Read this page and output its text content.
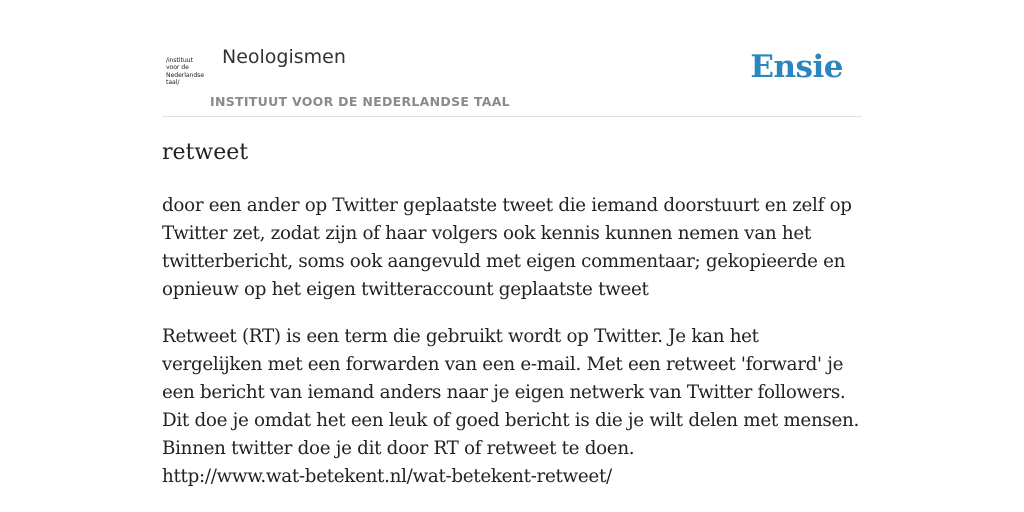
/instituut
voor de
Nederlandse
taal/
Neologismen
INSTITUUT VOOR DE NEDERLANDSE TAAL
Ensie
retweet

door een ander op Twitter geplaatste tweet die iemand doorstuurt en zelf op Twitter zet, zodat zijn of haar volgers ook kennis kunnen nemen van het twitterbericht, soms ook aangevuld met eigen commentaar; gekopieerde en opnieuw op het eigen twitteraccount geplaatste tweet

Retweet (RT) is een term die gebruikt wordt op Twitter. Je kan het vergelijken met een forwarden van een e-mail. Met een retweet 'forward' je een bericht van iemand anders naar je eigen netwerk van Twitter followers. Dit doe je omdat het een leuk of goed bericht is die je wilt delen met mensen. Binnen twitter doe je dit door RT of retweet te doen.

http://www.wat-betekent.nl/wat-betekent-retweet/
